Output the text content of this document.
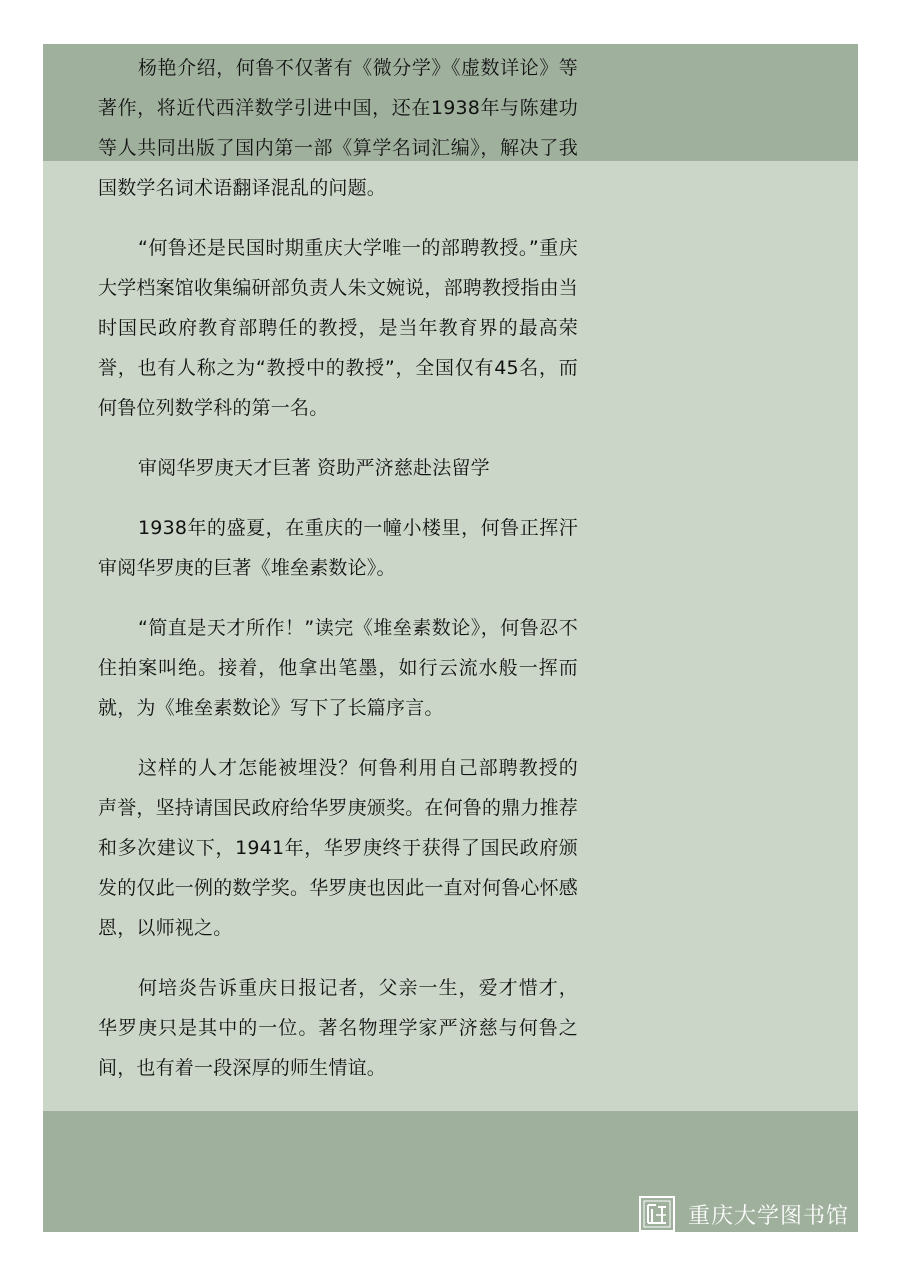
杨艳介绍，何鲁不仅著有《微分学》《虚数详论》等著作，将近代西洋数学引进中国，还在1938年与陈建功等人共同出版了国内第一部《算学名词汇编》，解决了我国数学名词术语翻译混乱的问题。

“何鲁还是民国时期重庆大学唯一的部聘教授。”重庆大学档案馆收集编研部负责人朱文婉说，部聘教授指由当时国民政府教育部聘任的教授，是当年教育界的最高荣誉，也有人称之为“教授中的教授”，全国仅有45名，而何鲁位列数学科的第一名。

审阅华罗庚天才巨著 资助严济慈赴法留学

1938年的盛夏，在重庆的一幢小楼里，何鲁正挥汗审阅华罗庚的巨著《堆垒素数论》。

“简直是天才所作！”读完《堆垒素数论》，何鲁忍不住拍案叫绝。接着，他拿出笔墨，如行云流水般一挥而就，为《堆垒素数论》写下了长篇序言。

这样的人才怎能被埋没？何鲁利用自己部聘教授的声誉，坚持请国民政府给华罗庚颁奖。在何鲁的鼎力推荐和多次建议下，1941年，华罗庚终于获得了国民政府颁发的仅此一例的数学奖。华罗庚也因此一直对何鲁心怀感恩，以师视之。

何培炎告诉重庆日报记者，父亲一生，爱才惜才，华罗庚只是其中的一位。著名物理学家严济慈与何鲁之间，也有着一段深厚的师生情谊。

重庆大学图书馆
